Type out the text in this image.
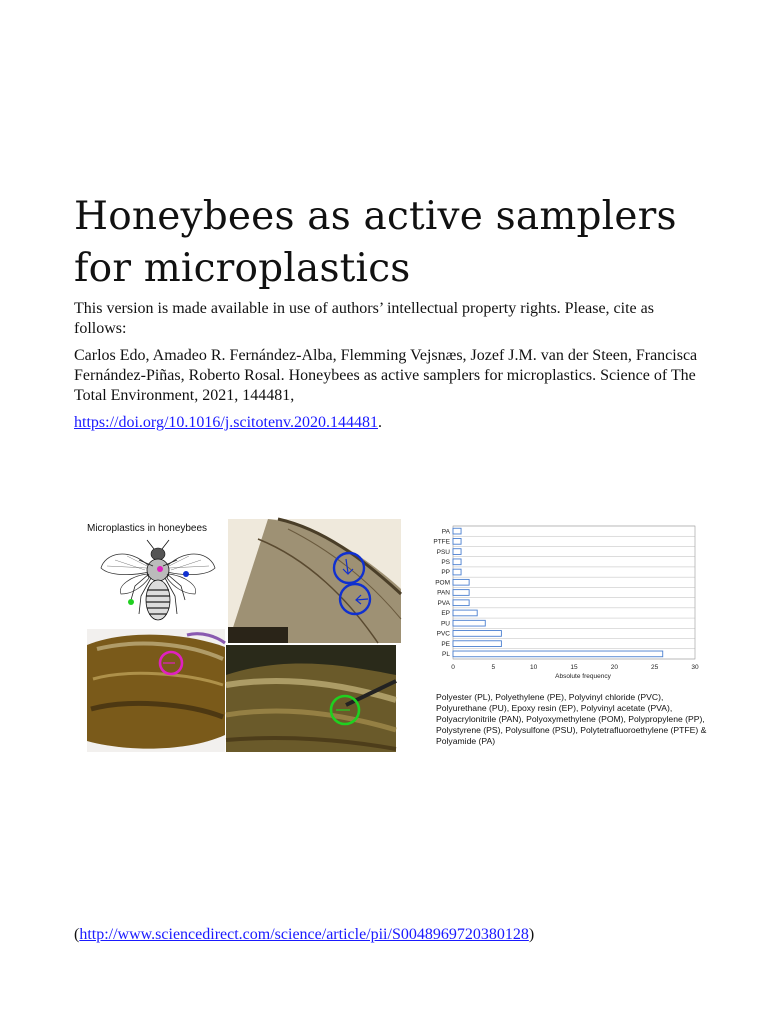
Honeybees as active samplers for microplastics
This version is made available in use of authors’ intellectual property rights. Please, cite as follows:
Carlos Edo, Amadeo R. Fernández-Alba, Flemming Vejsnæs, Jozef J.M. van der Steen, Francisca Fernández-Piñas, Roberto Rosal. Honeybees as active samplers for microplastics. Science of The Total Environment, 2021, 144481,
https://doi.org/10.1016/j.scitotenv.2020.144481.
Microplastics in honeybees	PA
PTFE
PSU
PS
PP
POM
PAN
PVA
EP
PU
PVC
PE
PL
0	5	10	15	20	25	30
Absolute frequency
Polyester (PL), Polyethylene (PE), Polyvinyl chloride (PVC), Polyurethane (PU), Epoxy resin (EP), Polyvinyl acetate (PVA), Polyacrylonitrile (PAN), Polyoxymethylene (POM), Polypropylene (PP), Polystyrene (PS), Polysulfone (PSU), Polytetrafluoroethylene (PTFE) & Polyamide (PA)
(http://www.sciencedirect.com/science/article/pii/S0048969720380128)
